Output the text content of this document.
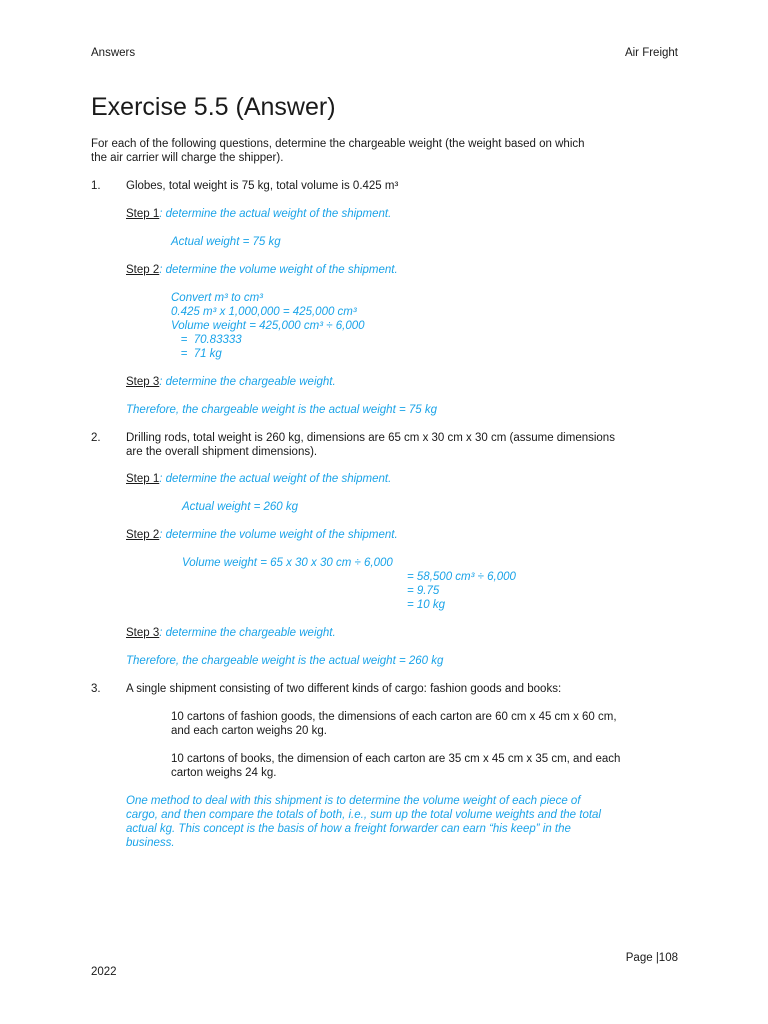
Answers	Air Freight
Exercise 5.5 (Answer)
For each of the following questions, determine the chargeable weight (the weight based on which
the air carrier will charge the shipper).
1. Globes, total weight is 75 kg, total volume is 0.425 m³
Step 1: determine the actual weight of the shipment.
Actual weight = 75 kg
Step 2: determine the volume weight of the shipment.
Convert m³ to cm³
0.425 m³ x 1,000,000 = 425,000 cm³
Volume weight = 425,000 cm³ ÷ 6,000
=  70.83333
=  71 kg
Step 3: determine the chargeable weight.
Therefore, the chargeable weight is the actual weight = 75 kg
2. Drilling rods, total weight is 260 kg, dimensions are 65 cm x 30 cm x 30 cm (assume dimensions
are the overall shipment dimensions).
Step 1: determine the actual weight of the shipment.
Actual weight = 260 kg
Step 2: determine the volume weight of the shipment.
Volume weight = 65 x 30 x 30 cm ÷ 6,000
= 58,500 cm³ ÷ 6,000
= 9.75
= 10 kg
Step 3: determine the chargeable weight.
Therefore, the chargeable weight is the actual weight = 260 kg
3. A single shipment consisting of two different kinds of cargo: fashion goods and books:
10 cartons of fashion goods, the dimensions of each carton are 60 cm x 45 cm x 60 cm,
and each carton weighs 20 kg.
10 cartons of books, the dimension of each carton are 35 cm x 45 cm x 35 cm, and each
carton weighs 24 kg.
One method to deal with this shipment is to determine the volume weight of each piece of
cargo, and then compare the totals of both, i.e., sum up the total volume weights and the total
actual kg. This concept is the basis of how a freight forwarder can earn “his keep” in the
business.
Page |108
2022
